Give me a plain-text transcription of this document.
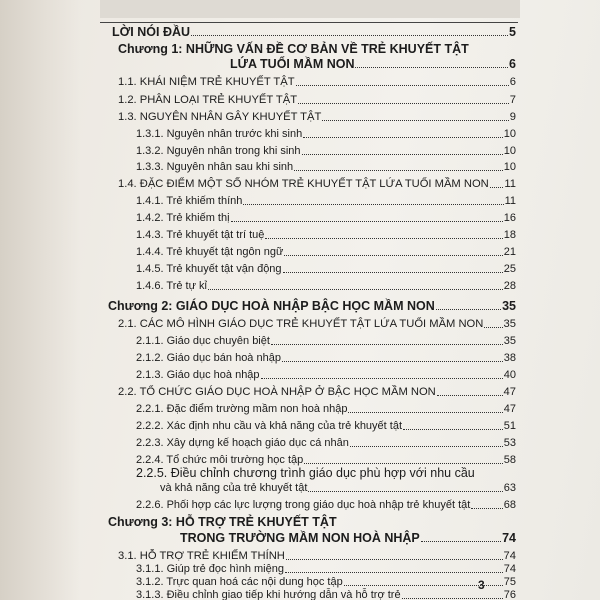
LỜI NÓI ĐẦU	5
Chương 1: NHỮNG VẤN ĐỀ CƠ BẢN VỀ TRẺ KHUYẾT TẬT
LỨA TUỔI MẦM NON	6
1.1. KHÁI NIỆM TRẺ KHUYẾT TẬT	6
1.2. PHÂN LOẠI TRẺ KHUYẾT TẬT	7
1.3. NGUYÊN NHÂN GÂY KHUYẾT TẬT	9
1.3.1. Nguyên nhân trước khi sinh	10
1.3.2. Nguyên nhân trong khi sinh	10
1.3.3. Nguyên nhân sau khi sinh	10
1.4. ĐẶC ĐIỂM MỘT SỐ NHÓM TRẺ KHUYẾT TẬT LỨA TUỔI MẦM NON 11
1.4.1. Trẻ khiếm thính	11
1.4.2. Trẻ khiếm thị	16
1.4.3. Trẻ khuyết tật trí tuệ	18
1.4.4. Trẻ khuyết tật ngôn ngữ	21
1.4.5. Trẻ khuyết tật vận động	25
1.4.6. Trẻ tự kỉ	28
Chương 2: GIÁO DỤC HOÀ NHẬP BẬC HỌC MẦM NON	35
2.1. CÁC MÔ HÌNH GIÁO DỤC TRẺ KHUYẾT TẬT LỨA TUỔI MẦM NON 35
2.1.1. Giáo dục chuyên biệt	35
2.1.2. Giáo dục bán hoà nhập	38
2.1.3. Giáo dục hoà nhập	40
2.2. TỔ CHỨC GIÁO DỤC HOÀ NHẬP Ở BẬC HỌC MẦM NON	47
2.2.1. Đặc điểm trường mầm non hoà nhập	47
2.2.2. Xác định nhu cầu và khả năng của trẻ khuyết tật	51
2.2.3. Xây dựng kế hoạch giáo dục cá nhân	53
2.2.4. Tổ chức môi trường học tập	58
2.2.5. Điều chỉnh chương trình giáo dục phù hợp với nhu cầu
và khả năng của trẻ khuyết tật	63
2.2.6. Phối hợp các lực lượng trong giáo dục hoà nhập trẻ khuyết tật	68
Chương 3: HỖ TRỢ TRẺ KHUYẾT TẬT
TRONG TRƯỜNG MẦM NON HOÀ NHẬP	74
3.1. HỖ TRỢ TRẺ KHIẾM THÍNH	74
3.1.1. Giúp trẻ đọc hình miệng	74
3.1.2. Trực quan hoá các nội dung học tập	75
3.1.3. Điều chỉnh giao tiếp khi hướng dẫn và hỗ trợ trẻ	76
3
